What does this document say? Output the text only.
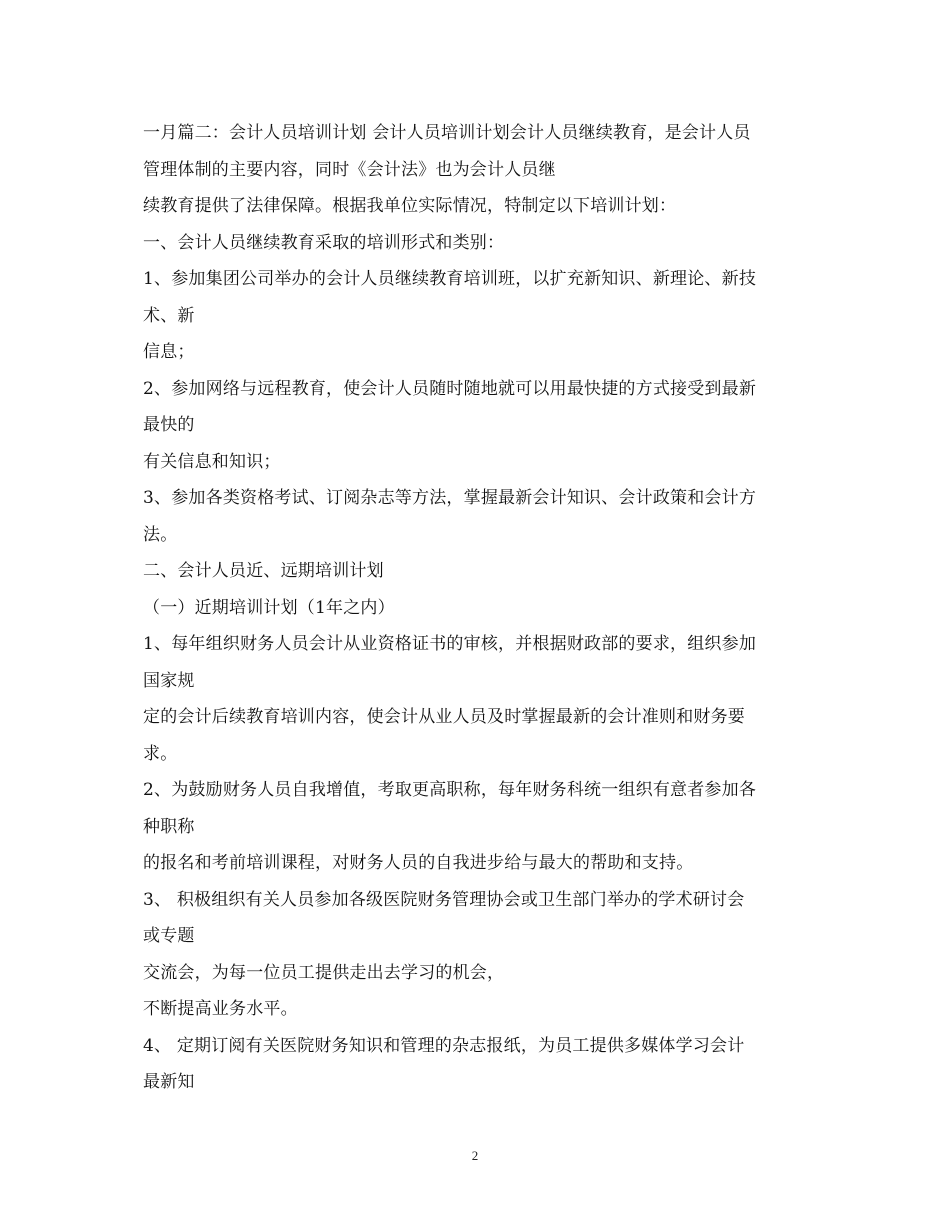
一月篇二：会计人员培训计划 会计人员培训计划会计人员继续教育，是会计人员
管理体制的主要内容，同时《会计法》也为会计人员继
续教育提供了法律保障。根据我单位实际情况，特制定以下培训计划：
一、会计人员继续教育采取的培训形式和类别：
1、参加集团公司举办的会计人员继续教育培训班，以扩充新知识、新理论、新技
术、新
信息；
2、参加网络与远程教育，使会计人员随时随地就可以用最快捷的方式接受到最新
最快的
有关信息和知识；
3、参加各类资格考试、订阅杂志等方法，掌握最新会计知识、会计政策和会计方
法。
二、会计人员近、远期培训计划
（一）近期培训计划（1年之内）
1、每年组织财务人员会计从业资格证书的审核，并根据财政部的要求，组织参加
国家规
定的会计后续教育培训内容，使会计从业人员及时掌握最新的会计准则和财务要
求。
2、为鼓励财务人员自我增值，考取更高职称，每年财务科统一组织有意者参加各
种职称
的报名和考前培训课程，对财务人员的自我进步给与最大的帮助和支持。
3、 积极组织有关人员参加各级医院财务管理协会或卫生部门举办的学术研讨会
或专题
交流会，为每一位员工提供走出去学习的机会，
不断提高业务水平。
4、 定期订阅有关医院财务知识和管理的杂志报纸，为员工提供多媒体学习会计
最新知
2
